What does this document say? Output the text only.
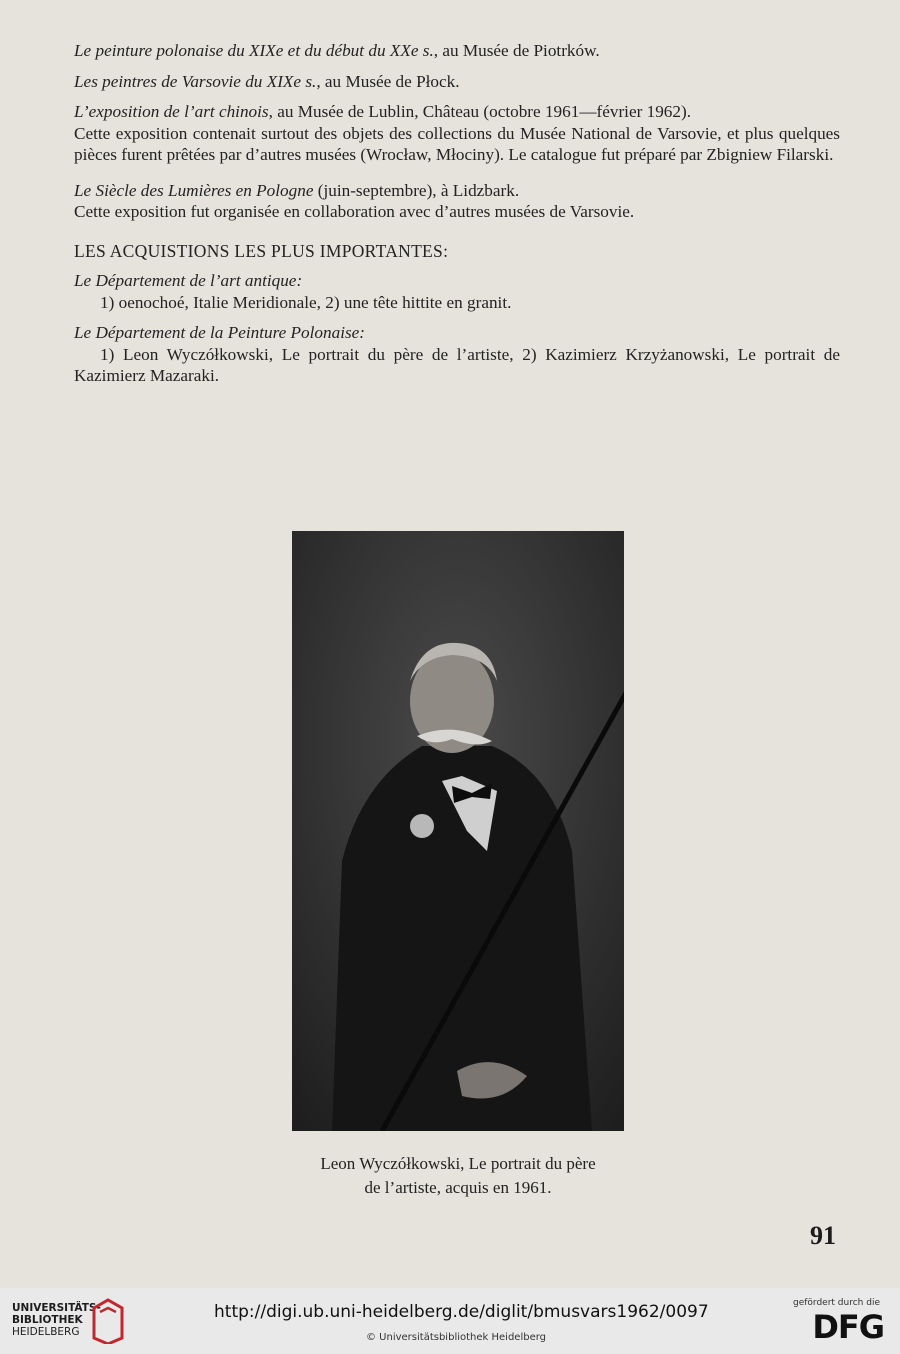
Le peinture polonaise du XIXe et du début du XXe s., au Musée de Piotrków.

Les peintres de Varsovie du XIXe s., au Musée de Płock.

L’exposition de l’art chinois, au Musée de Lublin, Château (octobre 1961—février 1962).

Cette exposition contenait surtout des objets des collections du Musée National de Varsovie, et plus quelques pièces furent prêtées par d’autres musées (Wrocław, Młociny). Le catalogue fut préparé par Zbigniew Filarski.

Le Siècle des Lumières en Pologne (juin-septembre), à Lidzbark.

Cette exposition fut organisée en collaboration avec d’autres musées de Varsovie.

LES ACQUISTIONS LES PLUS IMPORTANTES:

Le Département de l’art antique:

1) oenochoé, Italie Meridionale, 2) une tête hittite en granit.

Le Département de la Peinture Polonaise:

1) Leon Wyczółkowski, Le portrait du père de l’artiste, 2) Kazimierz Krzyżanowski, Le portrait de Kazimierz Mazaraki.

Leon Wyczółkowski, Le portrait du père
de l’artiste, acquis en 1961.
91
UNIVERSITÄTS-
BIBLIOTHEK
HEIDELBERG
http://digi.ub.uni-heidelberg.de/diglit/bmusvars1962/0097
© Universitätsbibliothek Heidelberg
gefördert durch die
DFG
